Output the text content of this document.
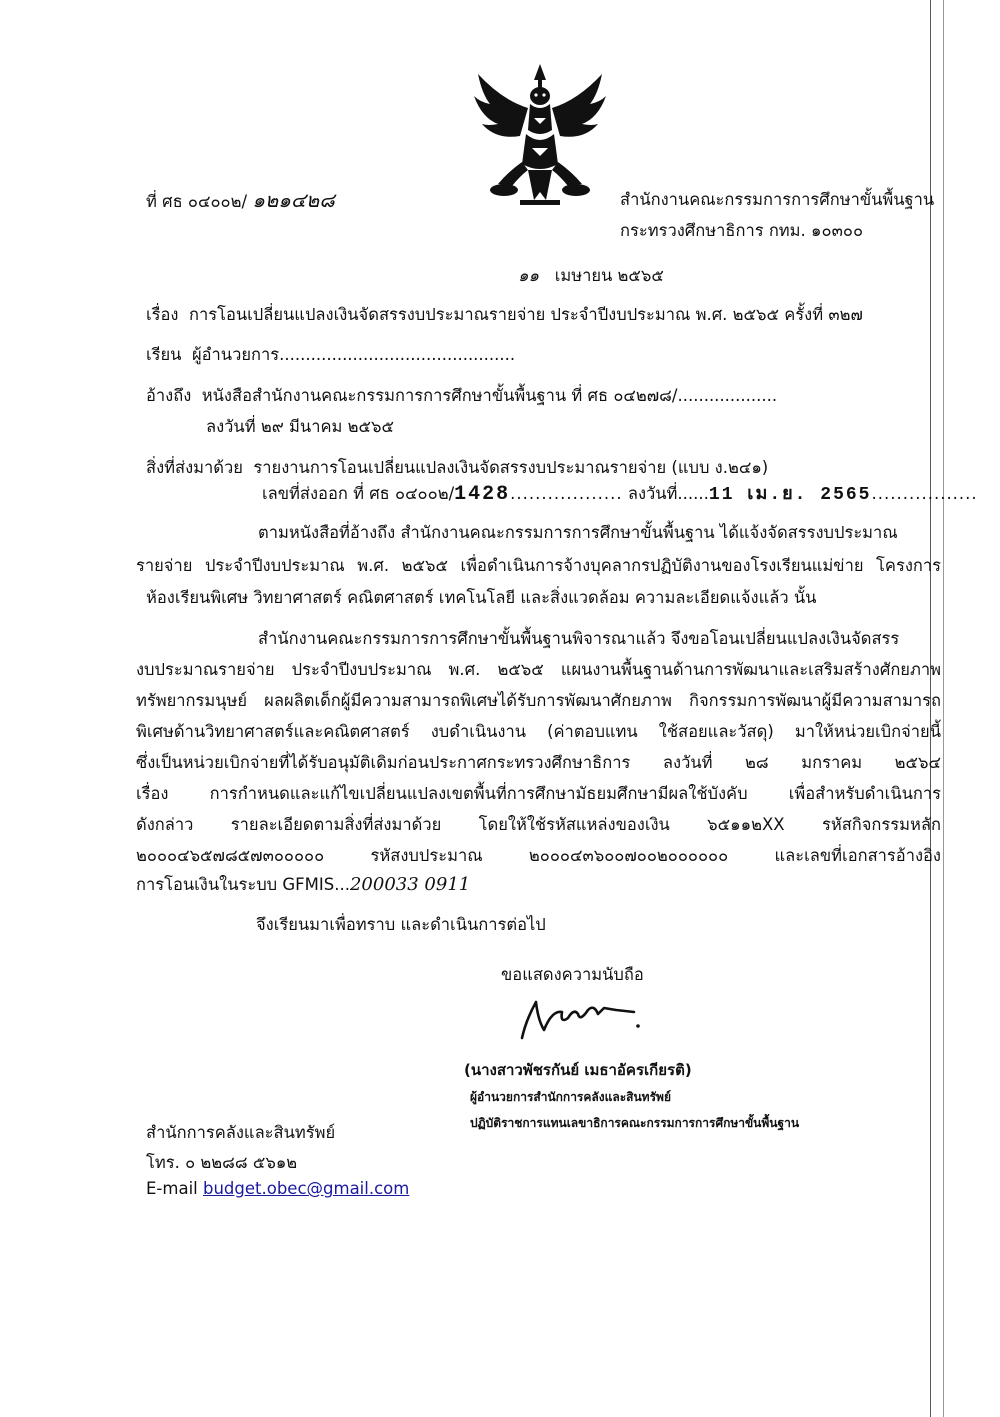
ที่ ศธ ๐๔๐๐๒/ ๑๒๑๔๒๘	สำนักงานคณะกรรมการการศึกษาขั้นพื้นฐาน
กระทรวงศึกษาธิการ กทม. ๑๐๓๐๐
๑๑ เมษายน ๒๕๖๕
เรื่อง การโอนเปลี่ยนแปลงเงินจัดสรรงบประมาณรายจ่าย ประจำปีงบประมาณ พ.ศ. ๒๕๖๕ ครั้งที่ ๓๒๗
เรียน ผู้อำนวยการ.............................................
อ้างถึง หนังสือสำนักงานคณะกรรมการการศึกษาขั้นพื้นฐาน ที่ ศธ ๐๔๒๗๘/...................
ลงวันที่ ๒๙ มีนาคม ๒๕๖๕
สิ่งที่ส่งมาด้วย รายงานการโอนเปลี่ยนแปลงเงินจัดสรรงบประมาณรายจ่าย (แบบ ง.๒๔๑)
เลขที่ส่งออก ที่ ศธ ๐๔๐๐๒/1428.................. ลงวันที่......11 เม.ย. 2565.................
ตามหนังสือที่อ้างถึง สำนักงานคณะกรรมการการศึกษาขั้นพื้นฐาน ได้แจ้งจัดสรรงบประมาณ
รายจ่าย ประจำปีงบประมาณ พ.ศ. ๒๕๖๕ เพื่อดำเนินการจ้างบุคลากรปฏิบัติงานของโรงเรียนแม่ข่าย โครงการ
ห้องเรียนพิเศษ วิทยาศาสตร์ คณิตศาสตร์ เทคโนโลยี และสิ่งแวดล้อม ความละเอียดแจ้งแล้ว นั้น
สำนักงานคณะกรรมการการศึกษาขั้นพื้นฐานพิจารณาแล้ว จึงขอโอนเปลี่ยนแปลงเงินจัดสรร
งบประมาณรายจ่าย ประจำปีงบประมาณ พ.ศ. ๒๕๖๕ แผนงานพื้นฐานด้านการพัฒนาและเสริมสร้างศักยภาพ
ทรัพยากรมนุษย์ ผลผลิตเด็กผู้มีความสามารถพิเศษได้รับการพัฒนาศักยภาพ กิจกรรมการพัฒนาผู้มีความสามารถ
พิเศษด้านวิทยาศาสตร์และคณิตศาสตร์ งบดำเนินงาน (ค่าตอบแทน ใช้สอยและวัสดุ) มาให้หน่วยเบิกจ่ายนี้
ซึ่งเป็นหน่วยเบิกจ่ายที่ได้รับอนุมัติเดิมก่อนประกาศกระทรวงศึกษาธิการ ลงวันที่ ๒๘ มกราคม ๒๕๖๔
เรื่อง การกำหนดและแก้ไขเปลี่ยนแปลงเขตพื้นที่การศึกษามัธยมศึกษามีผลใช้บังคับ เพื่อสำหรับดำเนินการ
ดังกล่าว รายละเอียดตามสิ่งที่ส่งมาด้วย โดยให้ใช้รหัสแหล่งของเงิน ๖๕๑๑๒XX รหัสกิจกรรมหลัก
๒๐๐๐๔๖๕๗๘๕๗๓๐๐๐๐๐ รหัสงบประมาณ ๒๐๐๐๔๓๖๐๐๗๐๐๒๐๐๐๐๐๐ และเลขที่เอกสารอ้างอิง
การโอนเงินในระบบ GFMIS...200033 0911
จึงเรียนมาเพื่อทราบ และดำเนินการต่อไป
ขอแสดงความนับถือ
(นางสาวพัชรกันย์ เมธาอัครเกียรติ)
ผู้อำนวยการสำนักการคลังและสินทรัพย์
ปฏิบัติราชการแทนเลขาธิการคณะกรรมการการศึกษาขั้นพื้นฐาน
สำนักการคลังและสินทรัพย์
โทร. ๐ ๒๒๘๘ ๕๖๑๒
E-mail budget.obec@gmail.com
